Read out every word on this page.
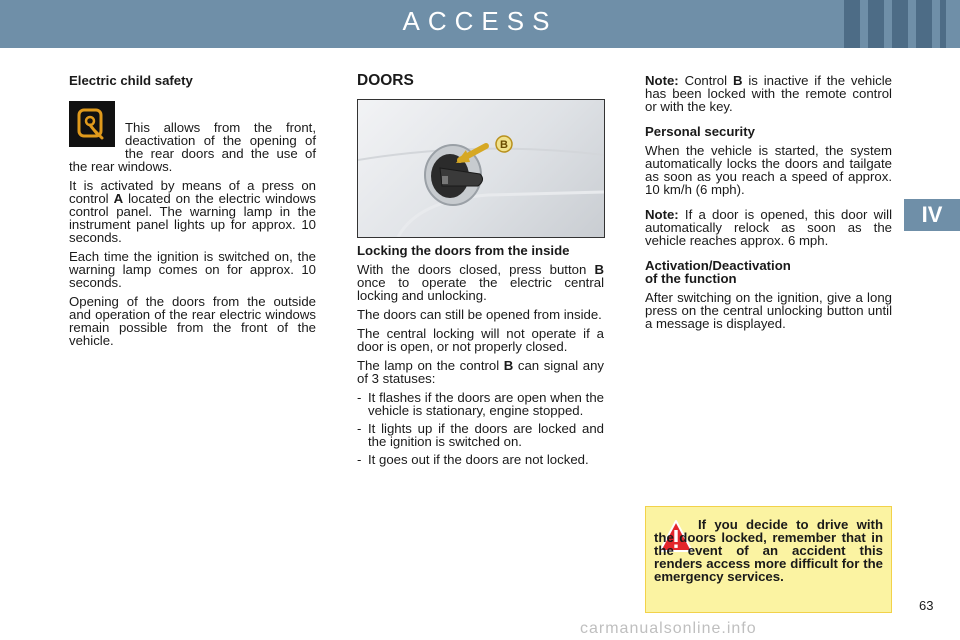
ACCESS
IV

Electric child safety

This allows from the front, deactivation of the opening of the rear doors and the use of the rear windows.

It is activated by means of a press on control A located on the electric windows control panel. The warning lamp in the instrument panel lights up for approx. 10 seconds.

Each time the ignition is switched on, the warning lamp comes on for approx. 10 seconds.

Opening of the doors from the outside and operation of the rear electric windows remain possible from the front of the vehicle.

DOORS
B

Locking the doors from the inside

With the doors closed, press button B once to operate the electric central locking and unlocking.

The doors can still be opened from inside.

The central locking will not operate if a door is open, or not properly closed.

The lamp on the control B can signal any of 3 statuses:

- It flashes if the doors are open when the vehicle is stationary, engine stopped.
- It lights up if the doors are locked and the ignition is switched on.
- It goes out if the doors are not locked.

Note: Control B is inactive if the vehicle has been locked with the remote control or with the key.

Personal security

When the vehicle is started, the system automatically locks the doors and tailgate as soon as you reach a speed of approx. 10 km/h (6 mph).

Note: If a door is opened, this door will automatically relock as soon as the vehicle reaches approx. 6 mph.

Activation/Deactivation
of the function

After switching on the ignition, give a long press on the central unlocking button until a message is displayed.

If you decide to drive with the doors locked, remember that in the event of an accident this renders access more difficult for the emergency services.
63
carmanualsonline.info
